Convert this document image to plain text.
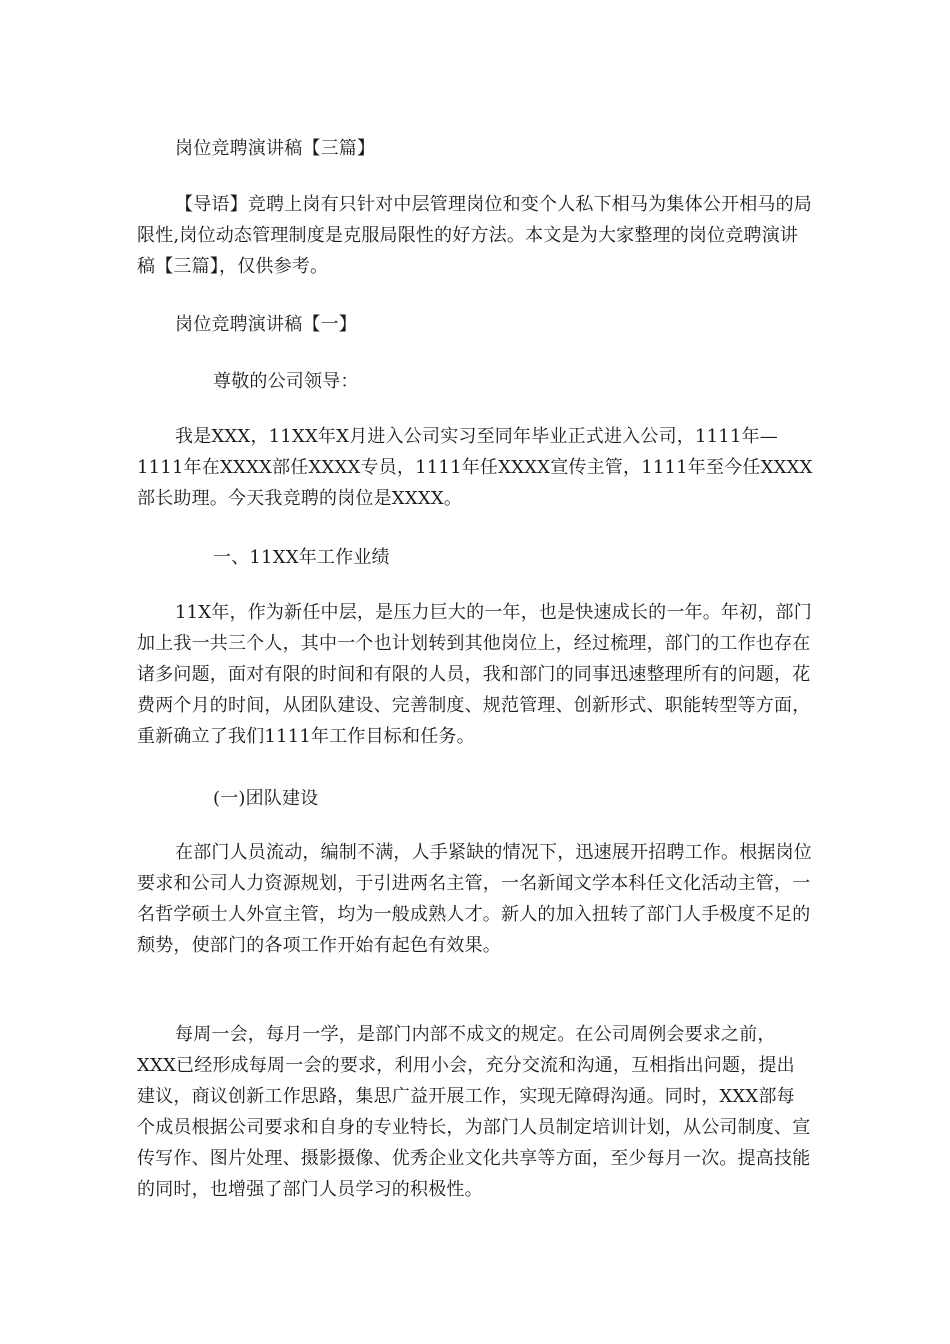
岗位竞聘演讲稿【三篇】

【导语】竞聘上岗有只针对中层管理岗位和变个人私下相马为集体公开相马的局限性,岗位动态管理制度是克服局限性的好方法。本文是为大家整理的岗位竞聘演讲稿【三篇】，仅供参考。

岗位竞聘演讲稿【一】

尊敬的公司领导：

我是XXX，11XX年X月进入公司实习至同年毕业正式进入公司，1111年—1111年在XXXX部任XXXX专员，1111年任XXXX宣传主管，1111年至今任XXXX部长助理。今天我竞聘的岗位是XXXX。

一、11XX年工作业绩

11X年，作为新任中层，是压力巨大的一年，也是快速成长的一年。年初，部门加上我一共三个人，其中一个也计划转到其他岗位上，经过梳理，部门的工作也存在诸多问题，面对有限的时间和有限的人员，我和部门的同事迅速整理所有的问题，花费两个月的时间，从团队建设、完善制度、规范管理、创新形式、职能转型等方面，重新确立了我们1111年工作目标和任务。

(一)团队建设

在部门人员流动，编制不满，人手紧缺的情况下，迅速展开招聘工作。根据岗位要求和公司人力资源规划，于引进两名主管，一名新闻文学本科任文化活动主管，一名哲学硕士人外宣主管，均为一般成熟人才。新人的加入扭转了部门人手极度不足的颓势，使部门的各项工作开始有起色有效果。

每周一会，每月一学，是部门内部不成文的规定。在公司周例会要求之前，XXX已经形成每周一会的要求，利用小会，充分交流和沟通，互相指出问题，提出建议，商议创新工作思路，集思广益开展工作，实现无障碍沟通。同时，XXX部每个成员根据公司要求和自身的专业特长，为部门人员制定培训计划，从公司制度、宣传写作、图片处理、摄影摄像、优秀企业文化共享等方面，至少每月一次。提高技能的同时，也增强了部门人员学习的积极性。
